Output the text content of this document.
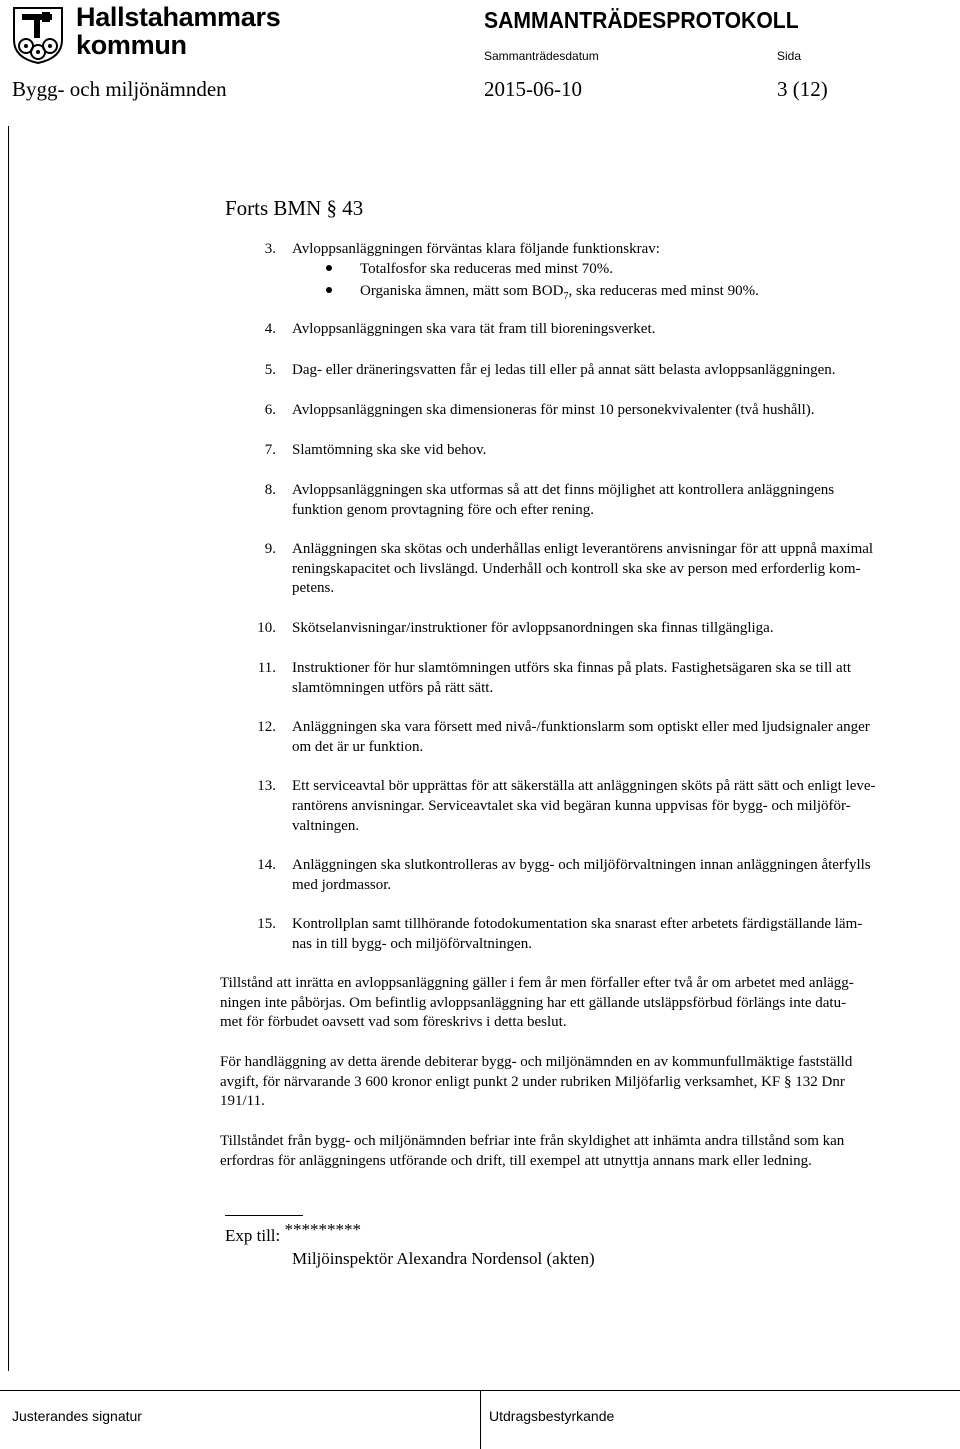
Hallstahammars
kommun
SAMMANTRÄDESPROTOKOLL
Sammanträdesdatum	Sida
Bygg- och miljönämnden	2015-06-10	3 (12)
Forts BMN § 43
3. Avloppsanläggningen förväntas klara följande funktionskrav:
Totalfosfor ska reduceras med minst 70%.
Organiska ämnen, mätt som $BOD_7$, ska reduceras med minst 90%.
4. Avloppsanläggningen ska vara tät fram till bioreningsverket.
5. Dag- eller dräneringsvatten får ej ledas till eller på annat sätt belasta avloppsanläggningen.
6. Avloppsanläggningen ska dimensioneras för minst 10 personekvivalenter (två hushåll).
7. Slamtömning ska ske vid behov.
8. Avloppsanläggningen ska utformas så att det finns möjlighet att kontrollera anläggningens
funktion genom provtagning före och efter rening.
9. Anläggningen ska skötas och underhållas enligt leverantörens anvisningar för att uppnå maximal
reningskapacitet och livslängd. Underhåll och kontroll ska ske av person med erforderlig kom-
petens.
10. Skötselanvisningar/instruktioner för avloppsanordningen ska finnas tillgängliga.
11. Instruktioner för hur slamtömningen utförs ska finnas på plats. Fastighetsägaren ska se till att
slamtömningen utförs på rätt sätt.
12. Anläggningen ska vara försett med nivå-/funktionslarm som optiskt eller med ljudsignaler anger
om det är ur funktion.
13. Ett serviceavtal bör upprättas för att säkerställa att anläggningen sköts på rätt sätt och enligt leve-
rantörens anvisningar. Serviceavtalet ska vid begäran kunna uppvisas för bygg- och miljöför-
valtningen.
14. Anläggningen ska slutkontrolleras av bygg- och miljöförvaltningen innan anläggningen återfylls
med jordmassor.
15. Kontrollplan samt tillhörande fotodokumentation ska snarast efter arbetets färdigställande läm-
nas in till bygg- och miljöförvaltningen.
Tillstånd att inrätta en avloppsanläggning gäller i fem år men förfaller efter två år om arbetet med anlägg-
ningen inte påbörjas. Om befintlig avloppsanläggning har ett gällande utsläppsförbud förlängs inte datu-
met för förbudet oavsett vad som föreskrivs i detta beslut.
För handläggning av detta ärende debiterar bygg- och miljönämnden en av kommunfullmäktige fastställd
avgift, för närvarande 3 600 kronor enligt punkt 2 under rubriken Miljöfarlig verksamhet, KF § 132 Dnr
191/11.
Tillståndet från bygg- och miljönämnden befriar inte från skyldighet att inhämta andra tillstånd som kan
erfordras för anläggningens utförande och drift, till exempel att utnyttja annans mark eller ledning.
Exp till: *********
Miljöinspektör Alexandra Nordensol (akten)
Justerandes signatur	Utdragsbestyrkande
